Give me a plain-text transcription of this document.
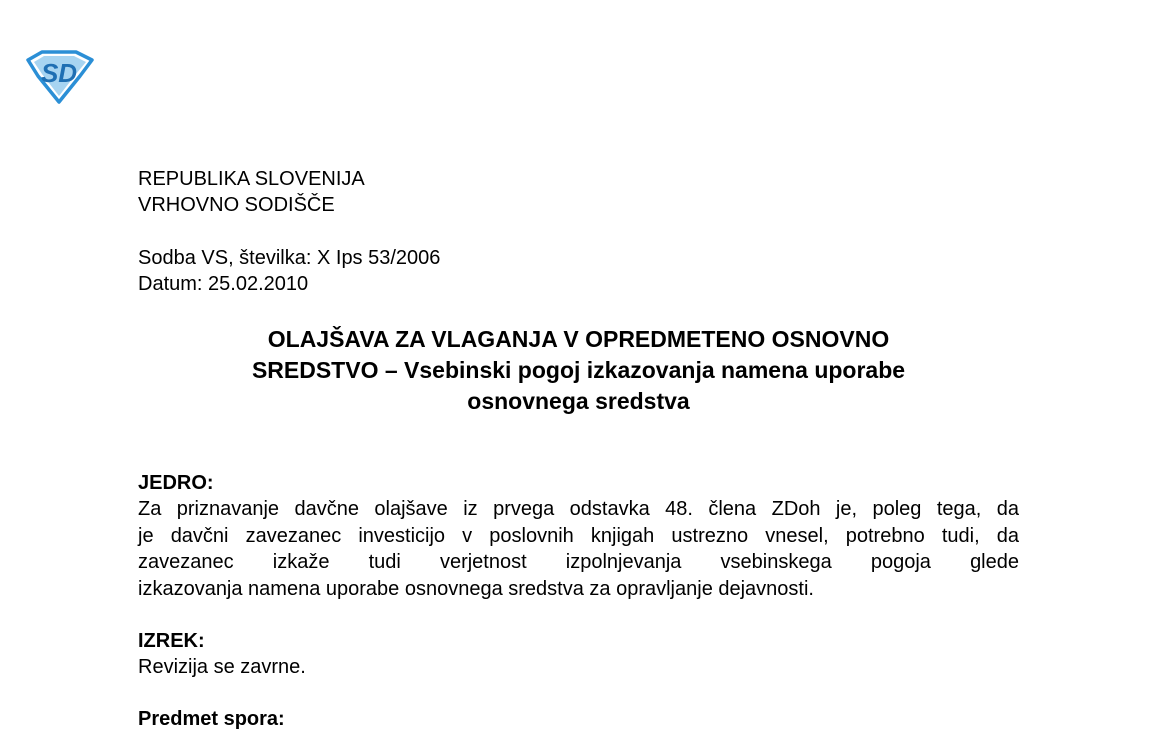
SD

REPUBLIKA SLOVENIJA

VRHOVNO SODIŠČE

Sodba VS, številka: X Ips 53/2006

Datum: 25.02.2010

OLAJŠAVA ZA VLAGANJA V OPREDMETENO OSNOVNO
SREDSTVO – Vsebinski pogoj izkazovanja namena uporabe
osnovnega sredstva

JEDRO:

Za priznavanje davčne olajšave iz prvega odstavka 48. člena ZDoh je, poleg tega, da
je davčni zavezanec investicijo v poslovnih knjigah ustrezno vnesel, potrebno tudi, da
zavezanec izkaže tudi verjetnost izpolnjevanja vsebinskega pogoja glede
izkazovanja namena uporabe osnovnega sredstva za opravljanje dejavnosti.

IZREK:

Revizija se zavrne.

Predmet spora:
